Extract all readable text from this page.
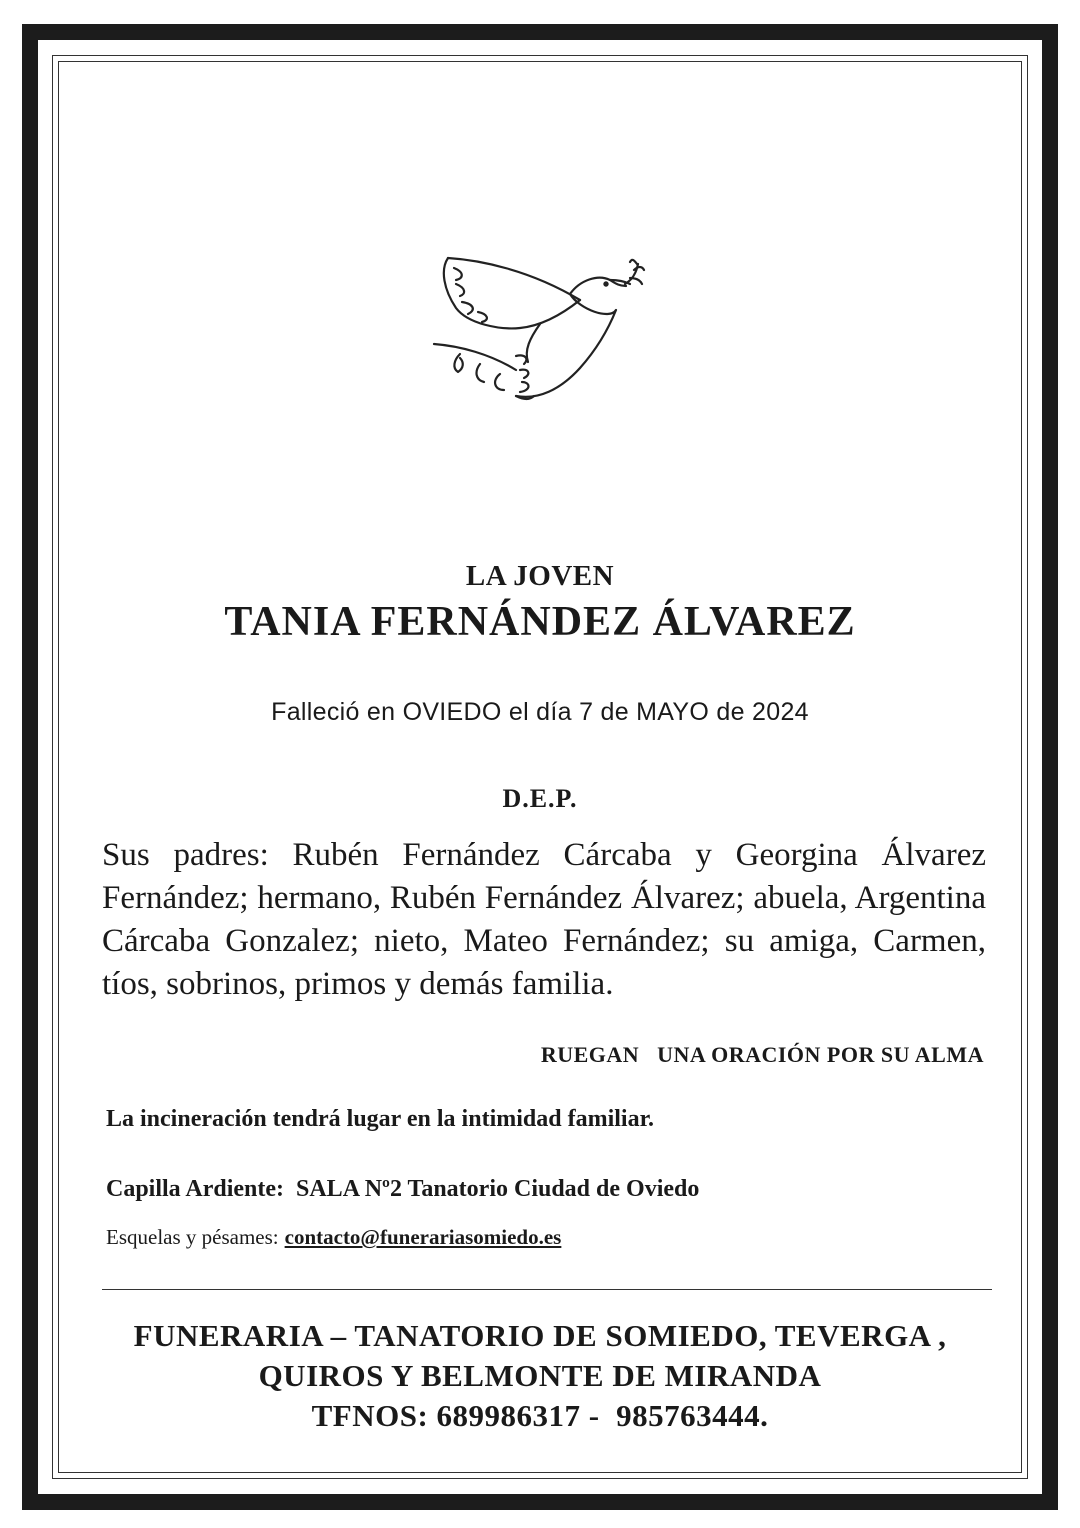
LA JOVEN
TANIA FERNÁNDEZ ÁLVAREZ
Falleció en OVIEDO el día 7 de MAYO de 2024
D.E.P.
Sus padres: Rubén Fernández Cárcaba y Georgina Álvarez Fernández; hermano, Rubén Fernández Álvarez; abuela, Argentina Cárcaba Gonzalez; nieto, Mateo Fernández; su amiga, Carmen, tíos, sobrinos, primos y demás familia.
RUEGAN   UNA ORACIÓN POR SU ALMA
La incineración tendrá lugar en la intimidad familiar.
Capilla Ardiente: SALA Nº2 Tanatorio Ciudad de Oviedo
Esquelas y pésames: contacto@funerariasomiedo.es
FUNERARIA – TANATORIO DE SOMIEDO, TEVERGA ,
QUIROS Y BELMONTE DE MIRANDA
TFNOS: 689986317 -  985763444.
